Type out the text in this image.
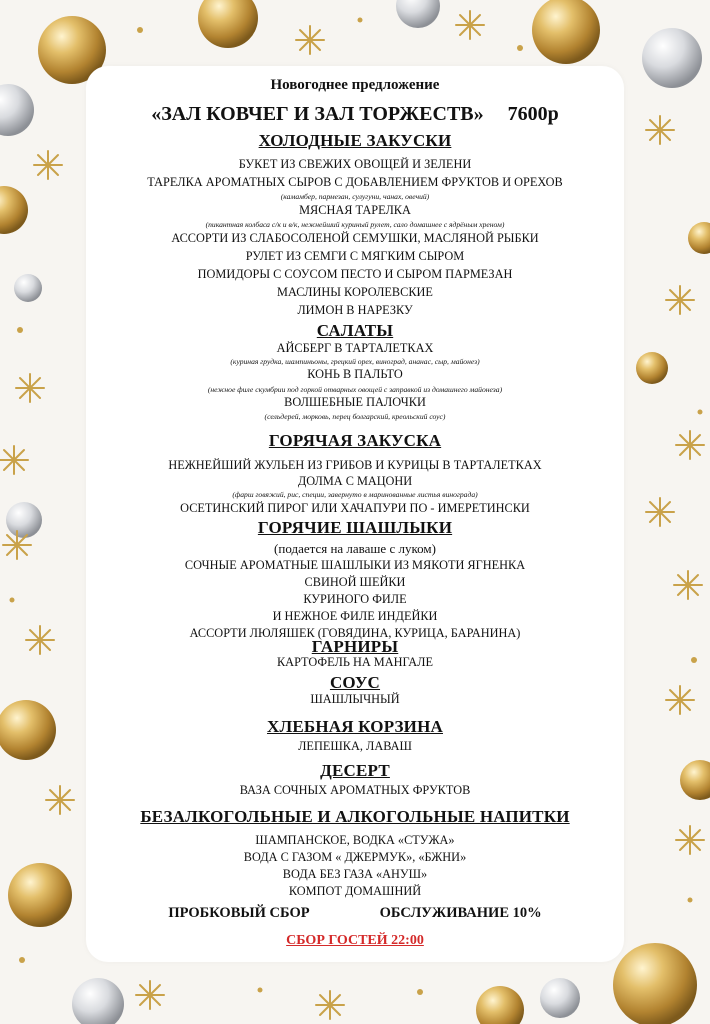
Новогоднее предложение
«ЗАЛ КОВЧЕГ И ЗАЛ ТОРЖЕСТВ» 7600р
ХОЛОДНЫЕ ЗАКУСКИ
БУКЕТ ИЗ СВЕЖИХ ОВОЩЕЙ И ЗЕЛЕНИ
ТАРЕЛКА АРОМАТНЫХ СЫРОВ С ДОБАВЛЕНИЕМ ФРУКТОВ И ОРЕХОВ
(камамбер, пармезан, сулугуни, чанах, овечий)
МЯСНАЯ ТАРЕЛКА
(пикантная колбаса с/к и в/к, нежнейший куриный рулет, сало домашнее с ядрёным хреном)
АССОРТИ ИЗ СЛАБОСОЛЕНОЙ СЕМУШКИ, МАСЛЯНОЙ РЫБКИ
РУЛЕТ ИЗ СЕМГИ С МЯГКИМ СЫРОМ
ПОМИДОРЫ С СОУСОМ ПЕСТО И СЫРОМ ПАРМЕЗАН
МАСЛИНЫ КОРОЛЕВСКИЕ
ЛИМОН В НАРЕЗКУ
САЛАТЫ
АЙСБЕРГ В ТАРТАЛЕТКАХ
(куриная грудка, шампиньоны, грецкий орех, виноград, ананас, сыр, майонез)
КОНЬ В ПАЛЬТО
(нежное филе скумбрии под горкой отварных овощей с заправкой из домашнего майонеза)
ВОЛШЕБНЫЕ ПАЛОЧКИ
(сельдерей, морковь, перец болгарский, креольский соус)
ГОРЯЧАЯ ЗАКУСКА
НЕЖНЕЙШИЙ ЖУЛЬЕН ИЗ ГРИБОВ И КУРИЦЫ В ТАРТАЛЕТКАХ
ДОЛМА С МАЦОНИ
(фарш говяжий, рис, специи, завернуто в маринованные листья винограда)
ОСЕТИНСКИЙ ПИРОГ ИЛИ ХАЧАПУРИ ПО - ИМЕРЕТИНСКИ
ГОРЯЧИЕ ШАШЛЫКИ
(подается на лаваше с луком)
СОЧНЫЕ АРОМАТНЫЕ ШАШЛЫКИ ИЗ МЯКОТИ ЯГНЕНКА
СВИНОЙ ШЕЙКИ
КУРИНОГО ФИЛЕ
И НЕЖНОЕ ФИЛЕ ИНДЕЙКИ
АССОРТИ ЛЮЛЯШЕК (ГОВЯДИНА, КУРИЦА, БАРАНИНА)
ГАРНИРЫ
КАРТОФЕЛЬ НА МАНГАЛЕ
СОУС
ШАШЛЫЧНЫЙ
ХЛЕБНАЯ КОРЗИНА
ЛЕПЕШКА, ЛАВАШ
ДЕСЕРТ
ВАЗА СОЧНЫХ АРОМАТНЫХ ФРУКТОВ
БЕЗАЛКОГОЛЬНЫЕ И АЛКОГОЛЬНЫЕ НАПИТКИ
ШАМПАНСКОЕ, ВОДКА «СТУЖА»
ВОДА С ГАЗОМ « ДЖЕРМУК», «БЖНИ»
ВОДА БЕЗ ГАЗА «АНУШ»
КОМПОТ ДОМАШНИЙ
ПРОБКОВЫЙ СБОР	ОБСЛУЖИВАНИЕ 10%
СБОР ГОСТЕЙ 22:00
